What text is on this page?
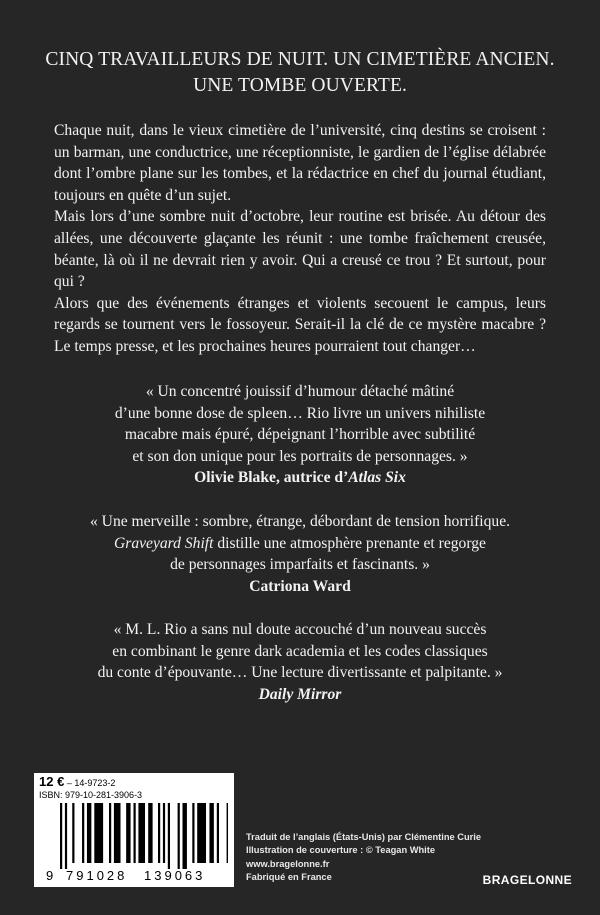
CINQ TRAVAILLEURS DE NUIT. UN CIMETIÈRE ANCIEN.
UNE TOMBE OUVERTE.

Chaque nuit, dans le vieux cimetière de l’université, cinq destins se croisent : un barman, une conductrice, une réceptionniste, le gardien de l’église délabrée dont l’ombre plane sur les tombes, et la rédactrice en chef du journal étudiant, toujours en quête d’un sujet.

Mais lors d’une sombre nuit d’octobre, leur routine est brisée. Au détour des allées, une découverte glaçante les réunit : une tombe fraîchement creusée, béante, là où il ne devrait rien y avoir. Qui a creusé ce trou ? Et surtout, pour qui ?

Alors que des événements étranges et violents secouent le campus, leurs regards se tournent vers le fossoyeur. Serait-il la clé de ce mystère macabre ? Le temps presse, et les prochaines heures pourraient tout changer…

« Un concentré jouissif d’humour détaché mâtiné
d’une bonne dose de spleen… Rio livre un univers nihiliste
macabre mais épuré, dépeignant l’horrible avec subtilité
et son don unique pour les portraits de personnages. »
Olivie Blake, autrice d’Atlas Six
« Une merveille : sombre, étrange, débordant de tension horrifique.
Graveyard Shift distille une atmosphère prenante et regorge
de personnages imparfaits et fascinants. »
Catriona Ward
« M. L. Rio a sans nul doute accouché d’un nouveau succès
en combinant le genre dark academia et les codes classiques
du conte d’épouvante… Une lecture divertissante et palpitante. »
Daily Mirror
12 € – 14-9723-2
ISBN: 979-10-281-3906-3
9 791028 139063
Traduit de l’anglais (États-Unis) par Clémentine Curie
Illustration de couverture : © Teagan White
www.bragelonne.fr
Fabriqué en France	BRAGELONNE
